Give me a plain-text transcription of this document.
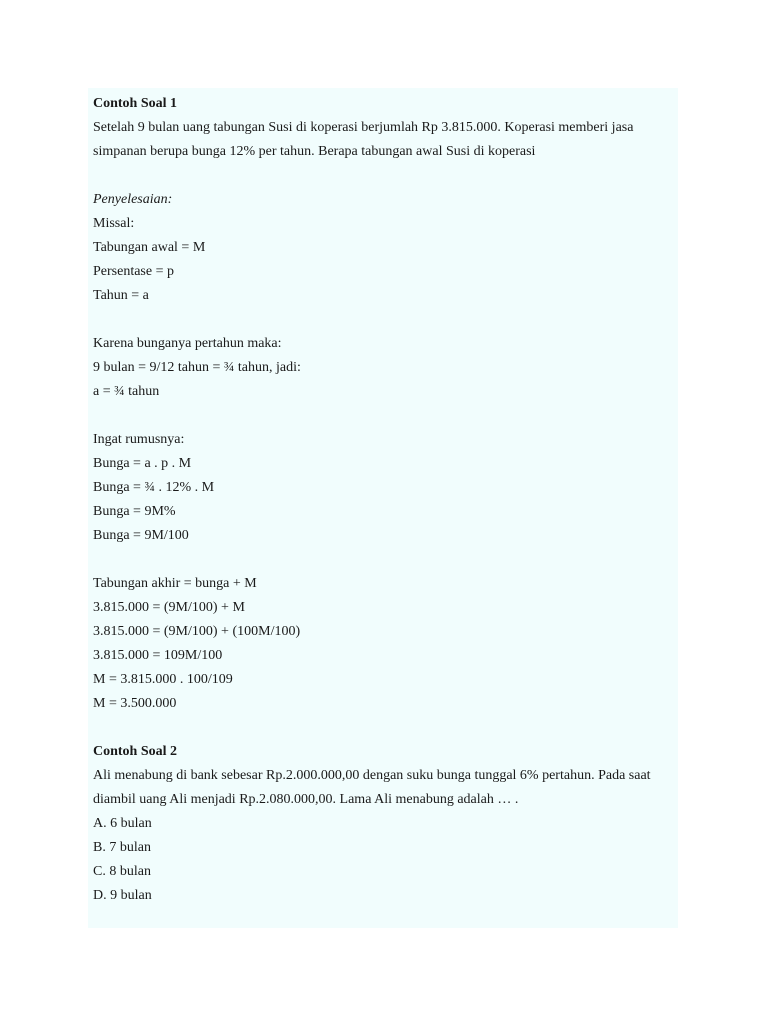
Contoh Soal 1
Setelah 9 bulan uang tabungan Susi di koperasi berjumlah Rp 3.815.000. Koperasi memberi jasa
simpanan berupa bunga 12% per tahun. Berapa tabungan awal Susi di koperasi
Penyelesaian:
Missal:
Tabungan awal = M
Persentase = p
Tahun = a
Karena bunganya pertahun maka:
9 bulan = 9/12 tahun = ¾ tahun, jadi:
a = ¾ tahun
Ingat rumusnya:
Bunga = a . p . M
Bunga = ¾ . 12% . M
Bunga = 9M%
Bunga = 9M/100
Tabungan akhir = bunga + M
3.815.000 = (9M/100) + M
3.815.000 = (9M/100) + (100M/100)
3.815.000 = 109M/100
M = 3.815.000 . 100/109
M = 3.500.000
Contoh Soal 2
Ali menabung di bank sebesar Rp.2.000.000,00 dengan suku bunga tunggal 6% pertahun. Pada saat
diambil uang Ali menjadi Rp.2.080.000,00. Lama Ali menabung adalah … .
A. 6 bulan
B. 7 bulan
C. 8 bulan
D. 9 bulan
